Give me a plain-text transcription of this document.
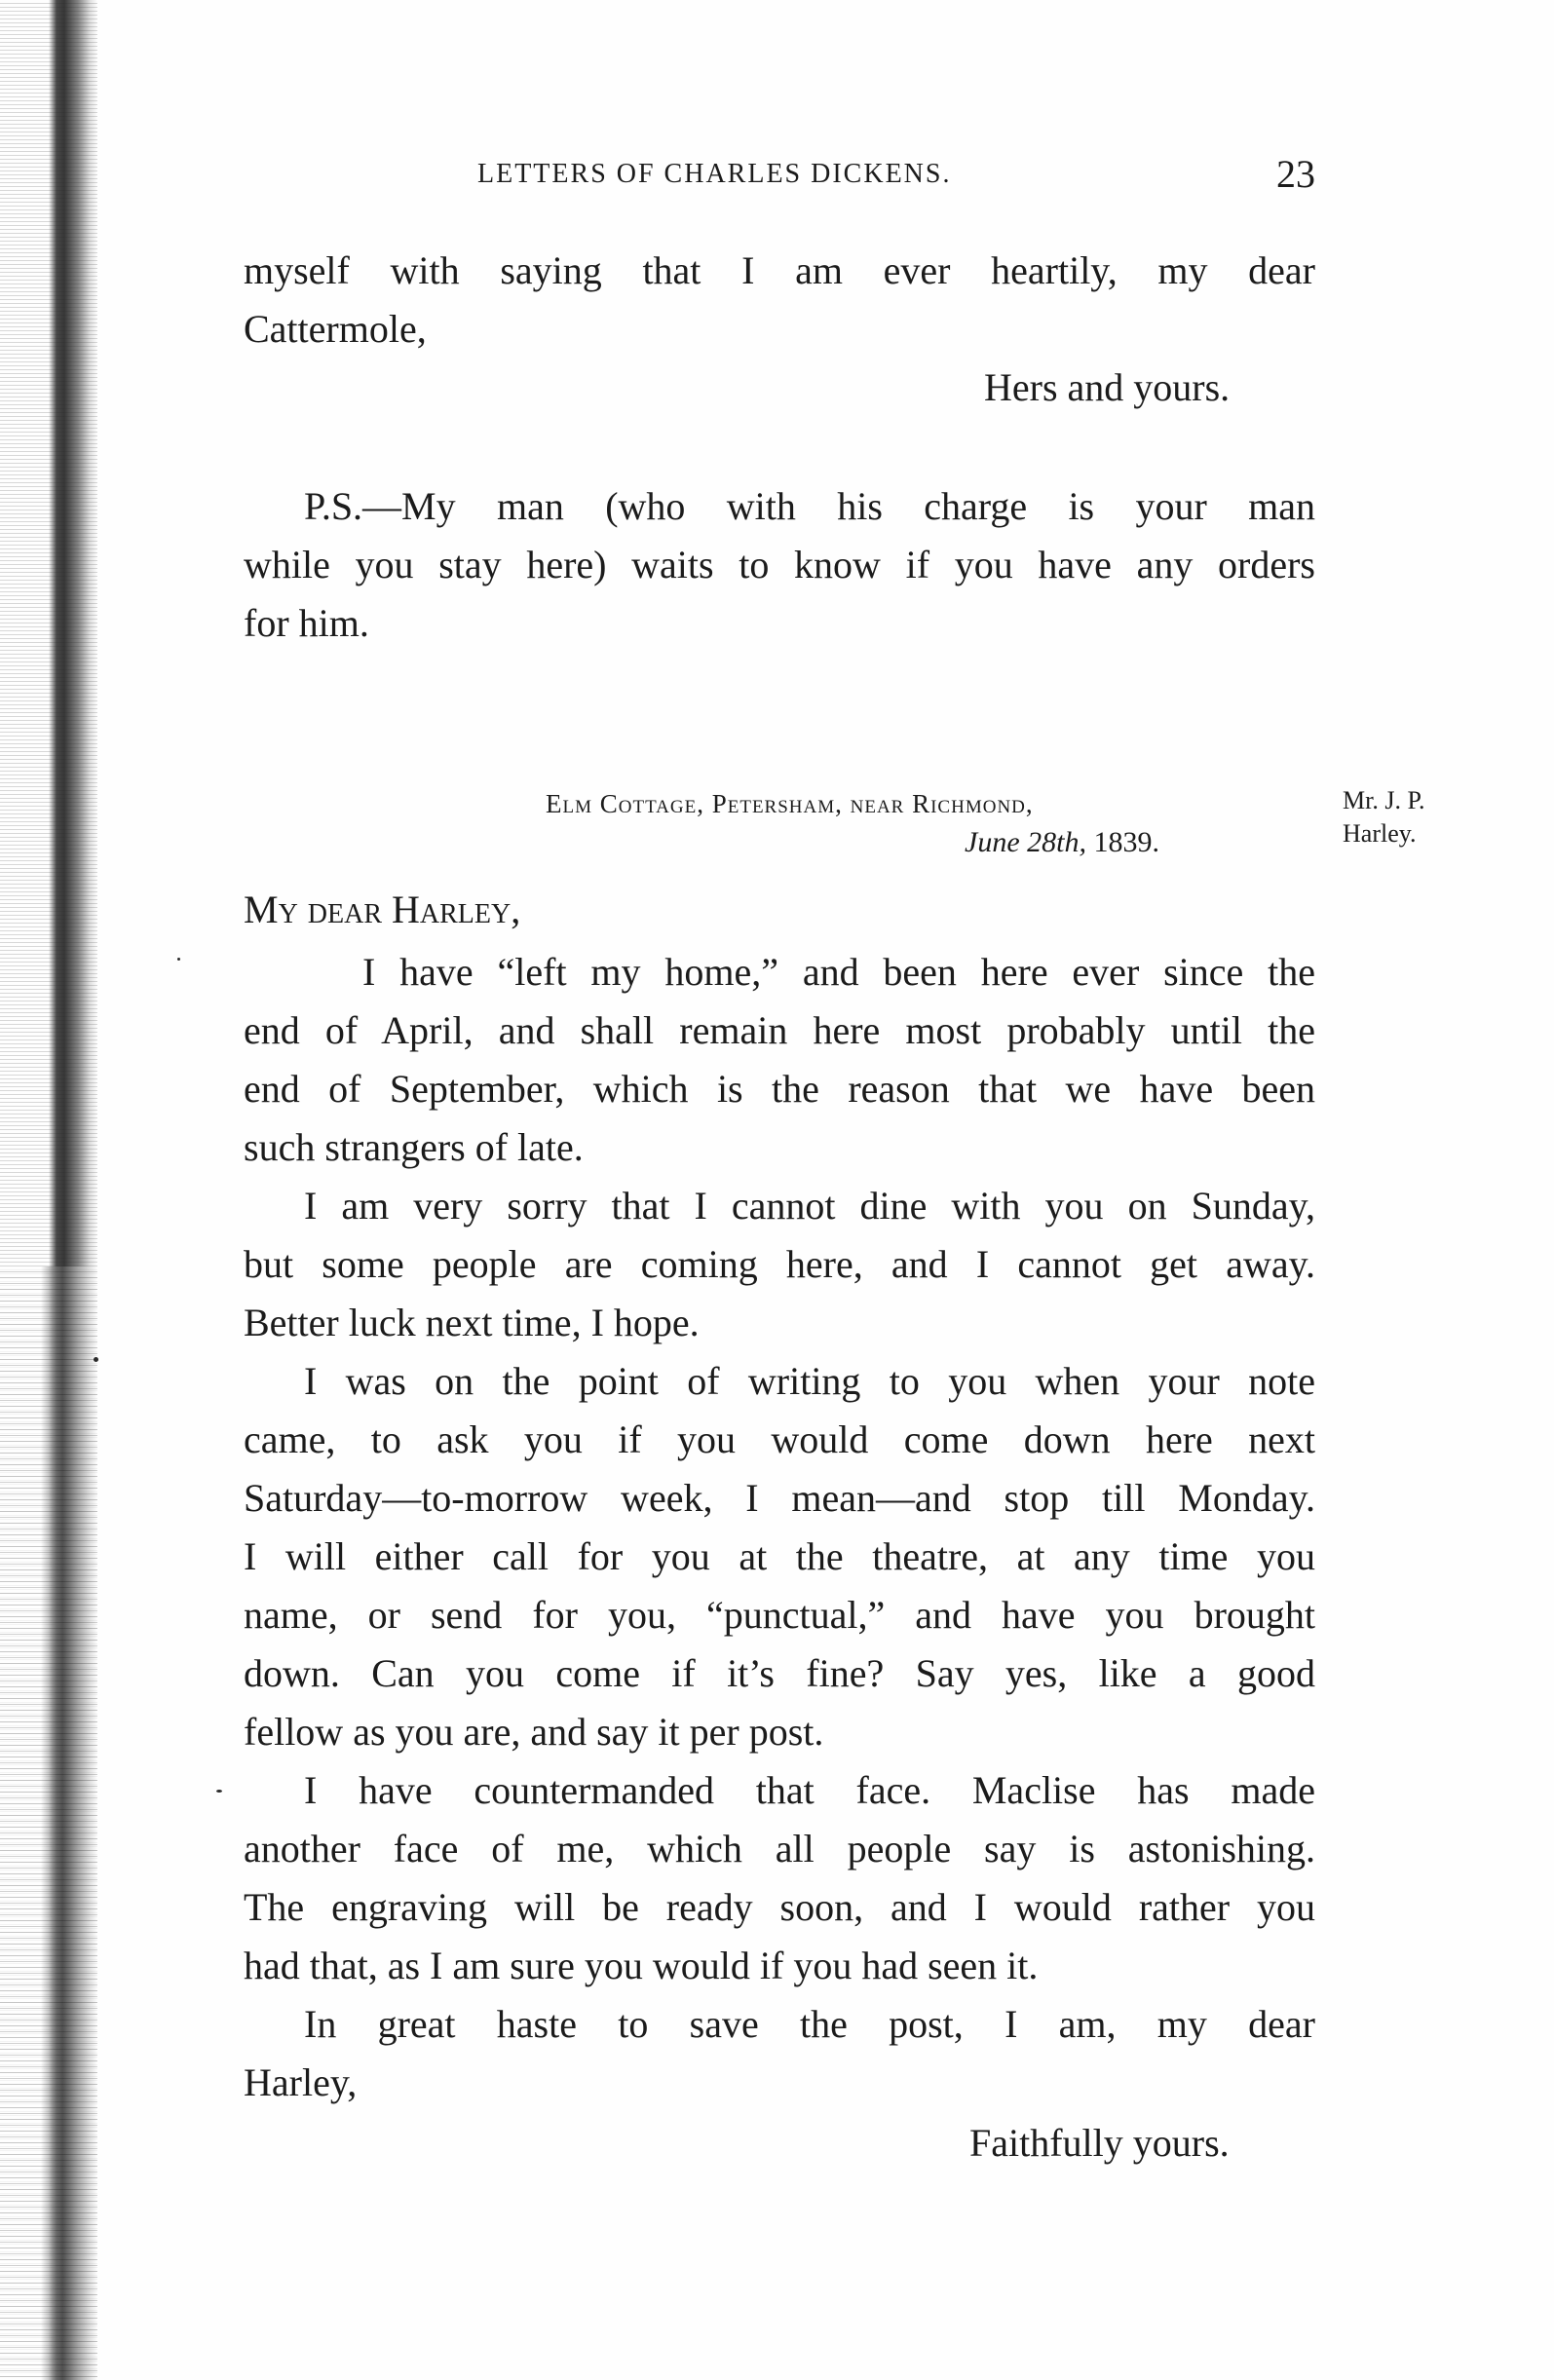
LETTERS OF CHARLES DICKENS.	23
myself with saying that I am ever heartily, my dear
Cattermole,
Hers and yours.
P.S.—My man (who with his charge is your man
while you stay here) waits to know if you have any orders
for him.
Elm Cottage, Petersham, near Richmond,
June 28th, 1839.
Mr. J. P.
Harley.
My dear Harley,
I have “left my home,” and been here ever since the
end of April, and shall remain here most probably until the
end of September, which is the reason that we have been
such strangers of late.
I am very sorry that I cannot dine with you on Sunday,
but some people are coming here, and I cannot get away.
Better luck next time, I hope.
I was on the point of writing to you when your note
came, to ask you if you would come down here next
Saturday—to-morrow week, I mean—and stop till Monday.
I will either call for you at the theatre, at any time you
name, or send for you, “punctual,” and have you brought
down. Can you come if it’s fine? Say yes, like a good
fellow as you are, and say it per post.
I have countermanded that face. Maclise has made
another face of me, which all people say is astonishing.
The engraving will be ready soon, and I would rather you
had that, as I am sure you would if you had seen it.
In great haste to save the post, I am, my dear
Harley,
Faithfully yours.
